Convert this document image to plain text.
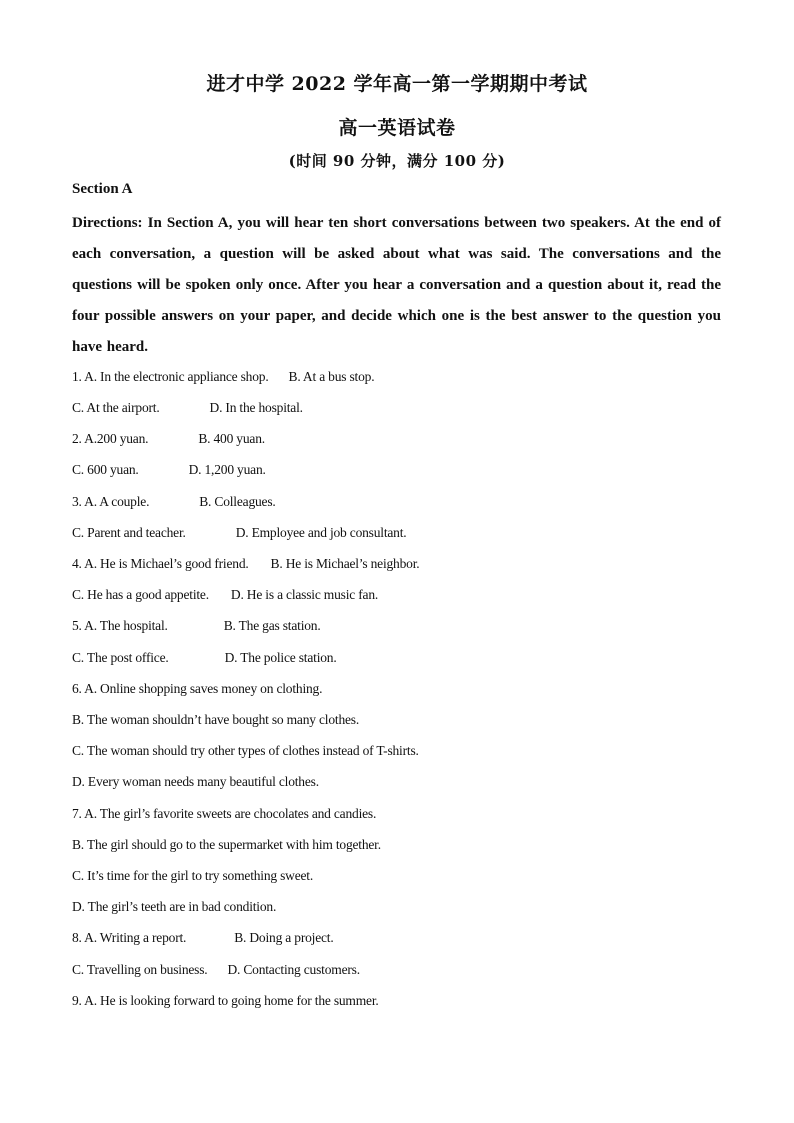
进才中学 2022 学年高一第一学期期中考试
高一英语试卷
(时间 90 分钟，满分 100 分)
Section A
Directions: In Section A, you will hear ten short conversations between two speakers. At the end of each conversation, a question will be asked about what was said. The conversations and the questions will be spoken only once. After you hear a conversation and a question about it, read the four possible answers on your paper, and decide which one is the best answer to the question you have heard.
1. A. In the electronic appliance shop. B. At a bus stop.
C. At the airport.	D. In the hospital.
2. A.200 yuan.	B. 400 yuan.
C. 600 yuan.	D. 1,200 yuan.
3. A. A couple.	B. Colleagues.
C. Parent and teacher.	D. Employee and job consultant.
4. A. He is Michael’s good friend. B. He is Michael’s neighbor.
C. He has a good appetite. D. He is a classic music fan.
5. A. The hospital.	B. The gas station.
C. The post office.	D. The police station.
6. A. Online shopping saves money on clothing.
B. The woman shouldn’t have bought so many clothes.
C. The woman should try other types of clothes instead of T-shirts.
D. Every woman needs many beautiful clothes.
7. A. The girl’s favorite sweets are chocolates and candies.
B. The girl should go to the supermarket with him together.
C. It’s time for the girl to try something sweet.
D. The girl’s teeth are in bad condition.
8. A. Writing a report.	B. Doing a project.
C. Travelling on business. D. Contacting customers.
9. A. He is looking forward to going home for the summer.
